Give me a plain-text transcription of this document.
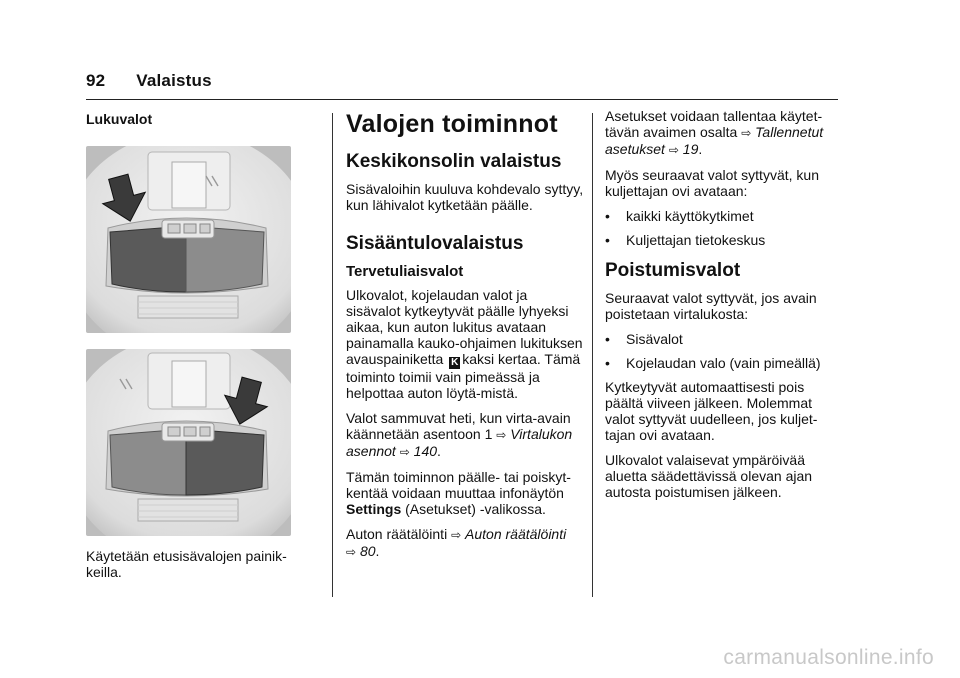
92 Valaistus
Lukuvalot
Käytetään etusisävalojen painik-keilla.
Valojen toiminnot
Keskikonsolin valaistus

Sisävaloihin kuuluva kohdevalo syttyy, kun lähivalot kytketään päälle.

Sisääntulovalaistus
Tervetuliaisvalot

Ulkovalot, kojelaudan valot ja sisävalot kytkeytyvät päälle lyhyeksi aikaa, kun auton lukitus avataan painamalla kauko-ohjaimen lukituksen avauspainiketta K kaksi kertaa. Tämä toiminto toimii vain pimeässä ja helpottaa auton löytä-mistä.

Valot sammuvat heti, kun virta-avain käännetään asentoon 1 ⇨ Virtalukon asennot ⇨ 140.

Tämän toiminnon päälle- tai poiskyt-kentää voidaan muuttaa infonäytön Settings (Asetukset) -valikossa.

Auton räätälöinti ⇨ Auton räätälöinti
⇨ 80.

Asetukset voidaan tallentaa käytet-tävän avaimen osalta ⇨ Tallennetut asetukset ⇨ 19.

Myös seuraavat valot syttyvät, kun kuljettajan ovi avataan:

• kaikki käyttökytkimet
• Kuljettajan tietokeskus
Poistumisvalot

Seuraavat valot syttyvät, jos avain poistetaan virtalukosta:

• Sisävalot
• Kojelaudan valo (vain pimeällä)

Kytkeytyvät automaattisesti pois päältä viiveen jälkeen. Molemmat valot syttyvät uudelleen, jos kuljet-tajan ovi avataan.

Ulkovalot valaisevat ympäröivää aluetta säädettävissä olevan ajan autosta poistumisen jälkeen.

carmanualsonline.info
